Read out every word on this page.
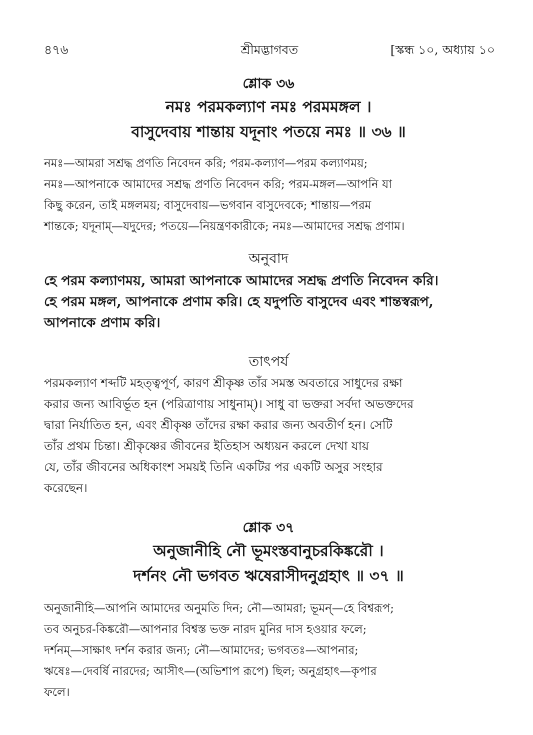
৪৭৬	শ্রীমদ্ভাগবত	[স্কন্ধ ১০, অধ্যায় ১০
শ্লোক ৩৬
নমঃ পরমকল্যাণ নমঃ পরমমঙ্গল ।
বাসুদেবায় শান্তায় যদূনাং পতয়ে নমঃ ॥ ৩৬ ॥
নমঃ—আমরা সশ্রদ্ধ প্রণতি নিবেদন করি; পরম-কল্যাণ—পরম কল্যাণময়;
নমঃ—আপনাকে আমাদের সশ্রদ্ধ প্রণতি নিবেদন করি; পরম-মঙ্গল—আপনি যা
কিছু করেন, তাই মঙ্গলময়; বাসুদেবায়—ভগবান বাসুদেবকে; শান্তায়—পরম
শান্তকে; যদূনাম্—যদুদের; পতয়ে—নিয়ন্ত্রণকারীকে; নমঃ—আমাদের সশ্রদ্ধ প্রণাম।
অনুবাদ
হে পরম কল্যাণময়, আমরা আপনাকে আমাদের সশ্রদ্ধ প্রণতি নিবেদন করি।
হে পরম মঙ্গল, আপনাকে প্রণাম করি। হে যদুপতি বাসুদেব এবং শান্তস্বরূপ,
আপনাকে প্রণাম করি।
তাৎপর্য
পরমকল্যাণ শব্দটি মহত্ত্বপূর্ণ, কারণ শ্রীকৃষ্ণ তাঁর সমস্ত অবতারে সাধুদের রক্ষা
করার জন্য আবির্ভূত হন (পরিত্রাণায় সাধুনাম্)। সাধু বা ভক্তরা সর্বদা অভক্তদের
দ্বারা নির্যাতিত হন, এবং শ্রীকৃষ্ণ তাঁদের রক্ষা করার জন্য অবতীর্ণ হন। সেটি
তাঁর প্রথম চিন্তা। শ্রীকৃষ্ণের জীবনের ইতিহাস অধ্যয়ন করলে দেখা যায়
যে, তাঁর জীবনের অধিকাংশ সময়ই তিনি একটির পর একটি অসুর সংহার
করেছেন।
শ্লোক ৩৭
অনুজানীহি নৌ ভূমংস্তবানুচরকিঙ্করৌ ।
দর্শনং নৌ ভগবত ঋষেরাসীদনুগ্রহাৎ ॥ ৩৭ ॥
অনুজানীহি—আপনি আমাদের অনুমতি দিন; নৌ—আমরা; ভূমন্—হে বিশ্বরূপ;
তব অনুচর-কিঙ্করৌ—আপনার বিশ্বস্ত ভক্ত নারদ মুনির দাস হওয়ার ফলে;
দর্শনম্—সাক্ষাৎ দর্শন করার জন্য; নৌ—আমাদের; ভগবতঃ—আপনার;
ঋষেঃ—দেবর্ষি নারদের; আসীৎ—(অভিশাপ রূপে) ছিল; অনুগ্রহাৎ—কৃপার
ফলে।
